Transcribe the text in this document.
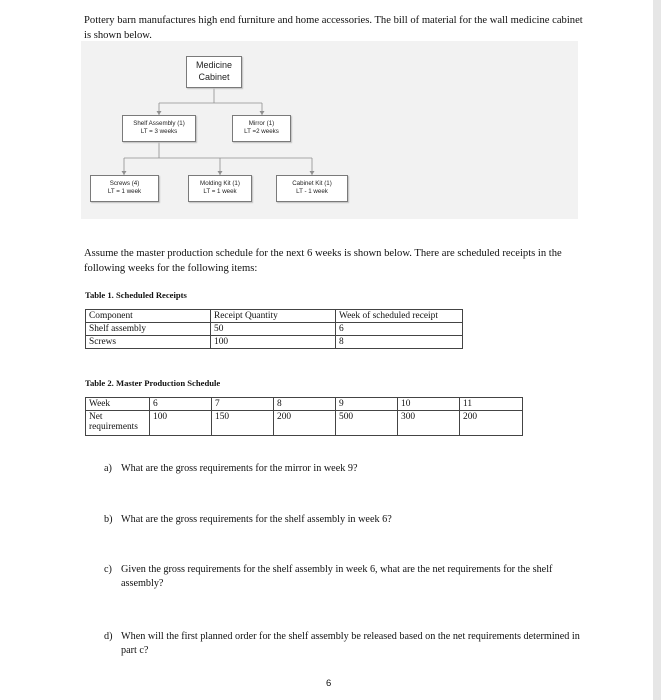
Pottery barn manufactures high end furniture and home accessories. The bill of material for the wall medicine cabinet is shown below.

Medicine
Cabinet
Shelf Assembly (1)
LT = 3 weeks
Mirror (1)
LT =2 weeks
Screws (4)
LT = 1 week
Molding Kit (1)
LT = 1 week
Cabinet Kit (1)
LT - 1 week

Assume the master production schedule for the next 6 weeks is shown below. There are scheduled receipts in the following weeks for the following items:

Table 1. Scheduled Receipts
Component	Receipt Quantity	Week of scheduled receipt
Shelf assembly	50	6
Screws	100	8
Table 2. Master Production Schedule
Week	6	7	8	9	10	11
Net requirements	100	150	200	500	300	200
a) What are the gross requirements for the mirror in week 9?
b) What are the gross requirements for the shelf assembly in week 6?
c) Given the gross requirements for the shelf assembly in week 6, what are the net requirements for the shelf assembly?
d) When will the first planned order for the shelf assembly be released based on the net requirements determined in part c?
6
